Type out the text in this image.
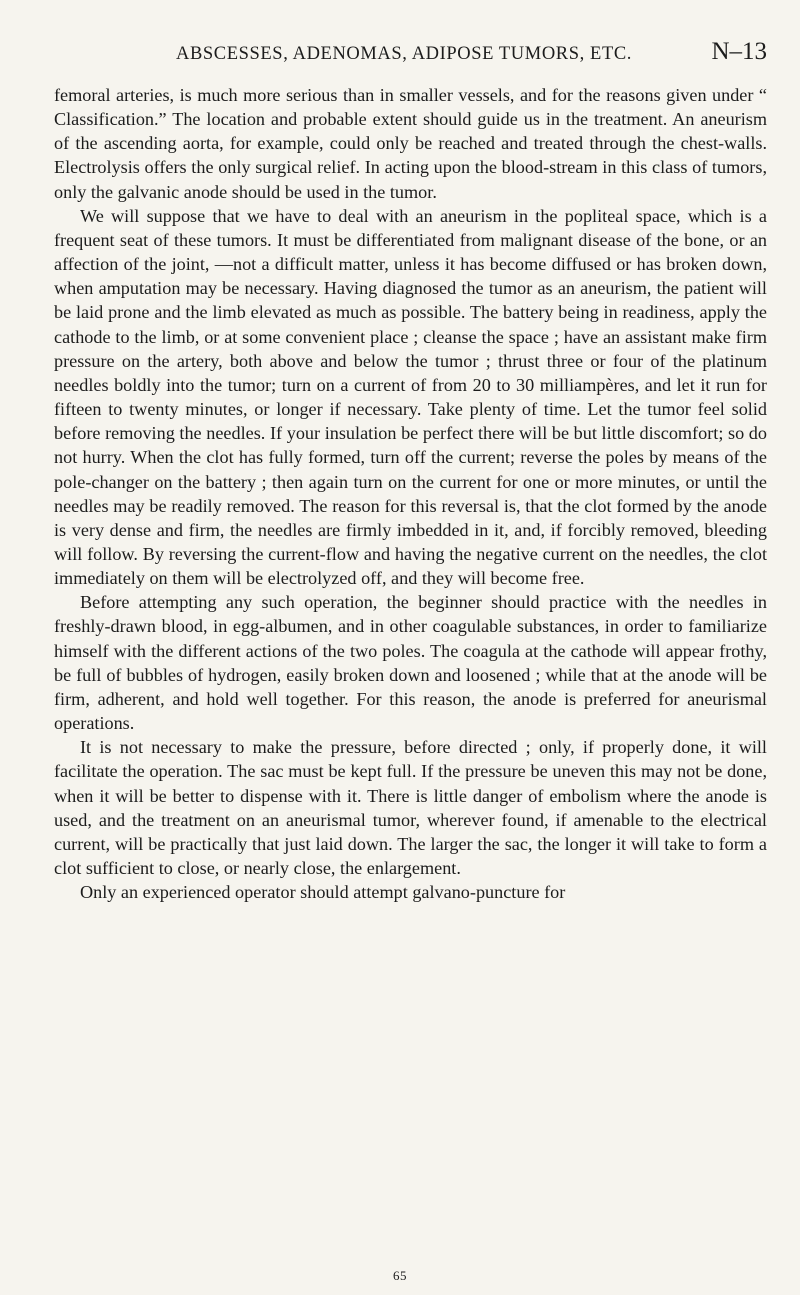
ABSCESSES, ADENOMAS, ADIPOSE TUMORS, ETC.	N–13

femoral arteries, is much more serious than in smaller vessels, and for the reasons given under “ Classification.” The location and probable extent should guide us in the treatment. An aneurism of the ascending aorta, for example, could only be reached and treated through the chest-walls. Electrolysis offers the only surgical relief. In acting upon the blood-stream in this class of tumors, only the galvanic anode should be used in the tumor.

We will suppose that we have to deal with an aneurism in the popliteal space, which is a frequent seat of these tumors. It must be differentiated from malignant disease of the bone, or an affection of the joint, —not a difficult matter, unless it has become diffused or has broken down, when amputation may be necessary. Having diagnosed the tumor as an aneurism, the patient will be laid prone and the limb elevated as much as possible. The battery being in readiness, apply the cathode to the limb, or at some convenient place ; cleanse the space ; have an assistant make firm pressure on the artery, both above and below the tumor ; thrust three or four of the platinum needles boldly into the tumor; turn on a current of from 20 to 30 milliampères, and let it run for fifteen to twenty minutes, or longer if necessary. Take plenty of time. Let the tumor feel solid before removing the needles. If your insulation be perfect there will be but little discomfort; so do not hurry. When the clot has fully formed, turn off the current; reverse the poles by means of the pole-changer on the battery ; then again turn on the current for one or more minutes, or until the needles may be readily removed. The reason for this reversal is, that the clot formed by the anode is very dense and firm, the needles are firmly imbedded in it, and, if forcibly removed, bleeding will follow. By reversing the current-flow and having the negative current on the needles, the clot immediately on them will be electrolyzed off, and they will become free.

Before attempting any such operation, the beginner should practice with the needles in freshly-drawn blood, in egg-albumen, and in other coagulable substances, in order to familiarize himself with the different actions of the two poles. The coagula at the cathode will appear frothy, be full of bubbles of hydrogen, easily broken down and loosened ; while that at the anode will be firm, adherent, and hold well together. For this reason, the anode is preferred for aneurismal operations.

It is not necessary to make the pressure, before directed ; only, if properly done, it will facilitate the operation. The sac must be kept full. If the pressure be uneven this may not be done, when it will be better to dispense with it. There is little danger of embolism where the anode is used, and the treatment on an aneurismal tumor, wherever found, if amenable to the electrical current, will be practically that just laid down. The larger the sac, the longer it will take to form a clot sufficient to close, or nearly close, the enlargement.

Only an experienced operator should attempt galvano-puncture for

65
